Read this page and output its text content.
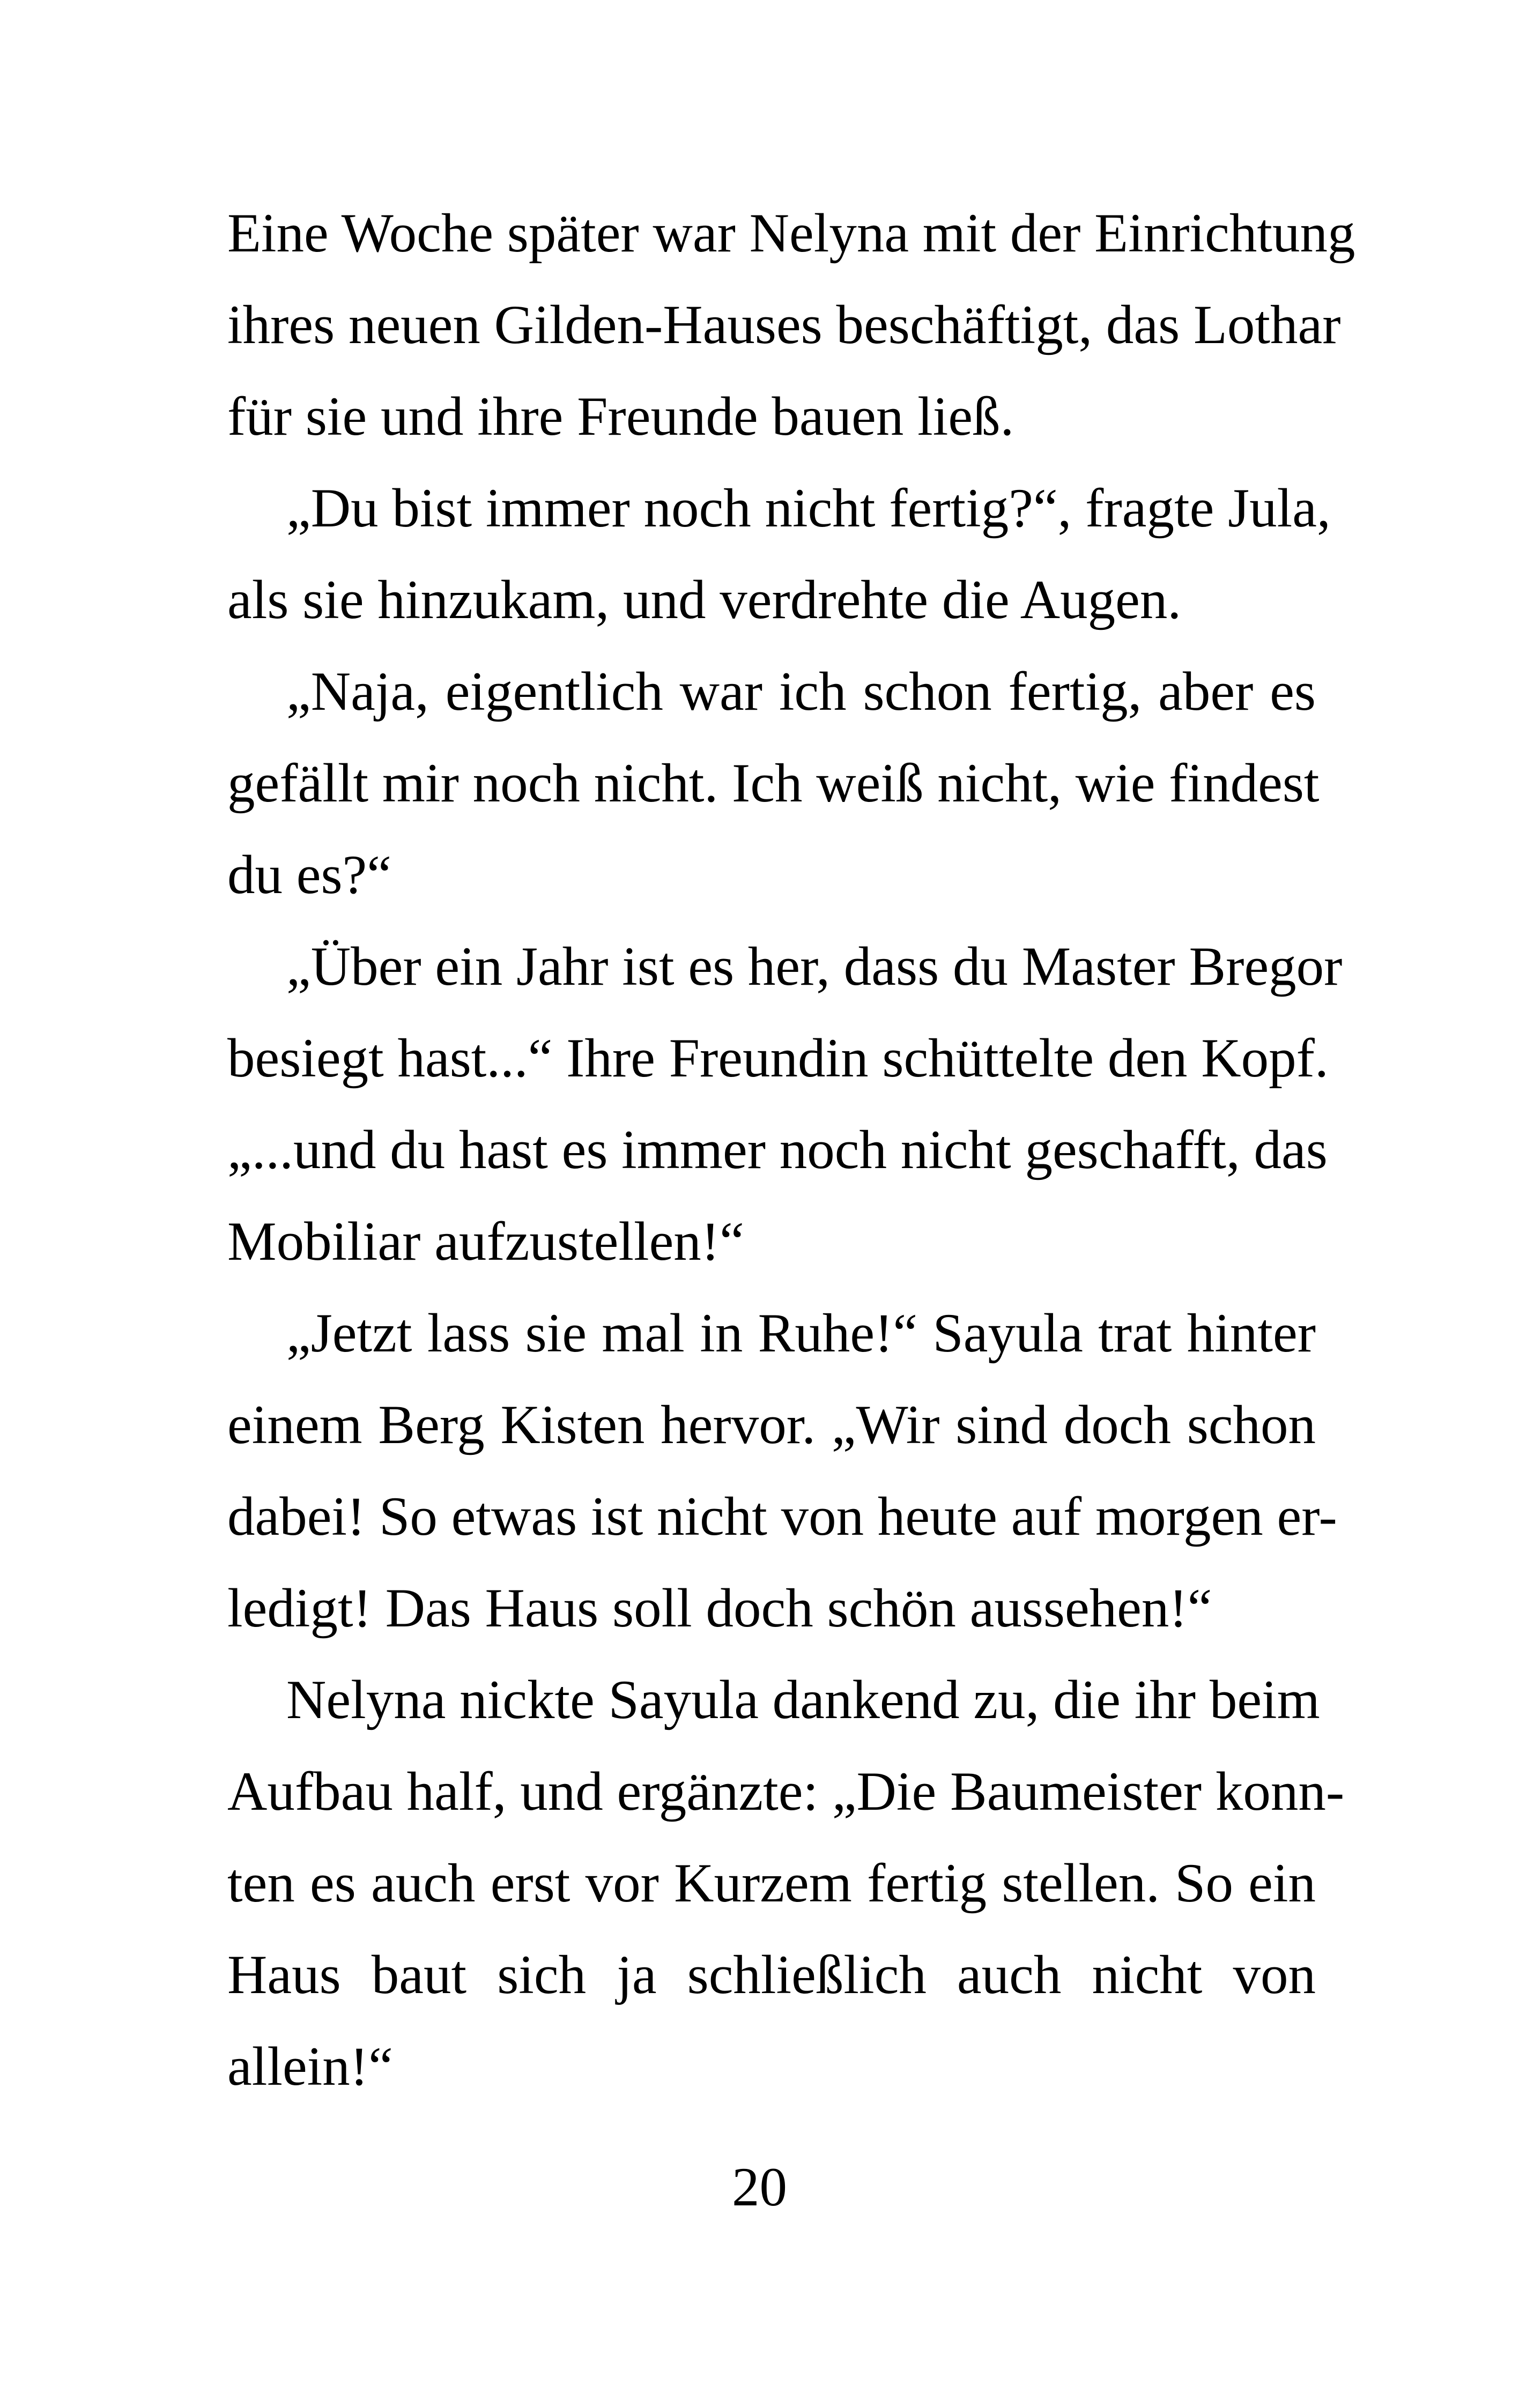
Eine Woche später war Nelyna mit der Einrichtung
ihres neuen Gilden-Hauses beschäftigt, das Lothar
für sie und ihre Freunde bauen ließ.
„Du bist immer noch nicht fertig?“, fragte Jula,
als sie hinzukam, und verdrehte die Augen.
„Naja, eigentlich war ich schon fertig, aber es
gefällt mir noch nicht. Ich weiß nicht, wie findest
du es?“
„Über ein Jahr ist es her, dass du Master Bregor
besiegt hast...“ Ihre Freundin schüttelte den Kopf.
„...und du hast es immer noch nicht geschafft, das
Mobiliar aufzustellen!“
„Jetzt lass sie mal in Ruhe!“ Sayula trat hinter
einem Berg Kisten hervor. „Wir sind doch schon
dabei! So etwas ist nicht von heute auf morgen er-
ledigt! Das Haus soll doch schön aussehen!“
Nelyna nickte Sayula dankend zu, die ihr beim
Aufbau half, und ergänzte: „Die Baumeister konn-
ten es auch erst vor Kurzem fertig stellen. So ein
Haus baut sich ja schließlich auch nicht von
allein!“
20
